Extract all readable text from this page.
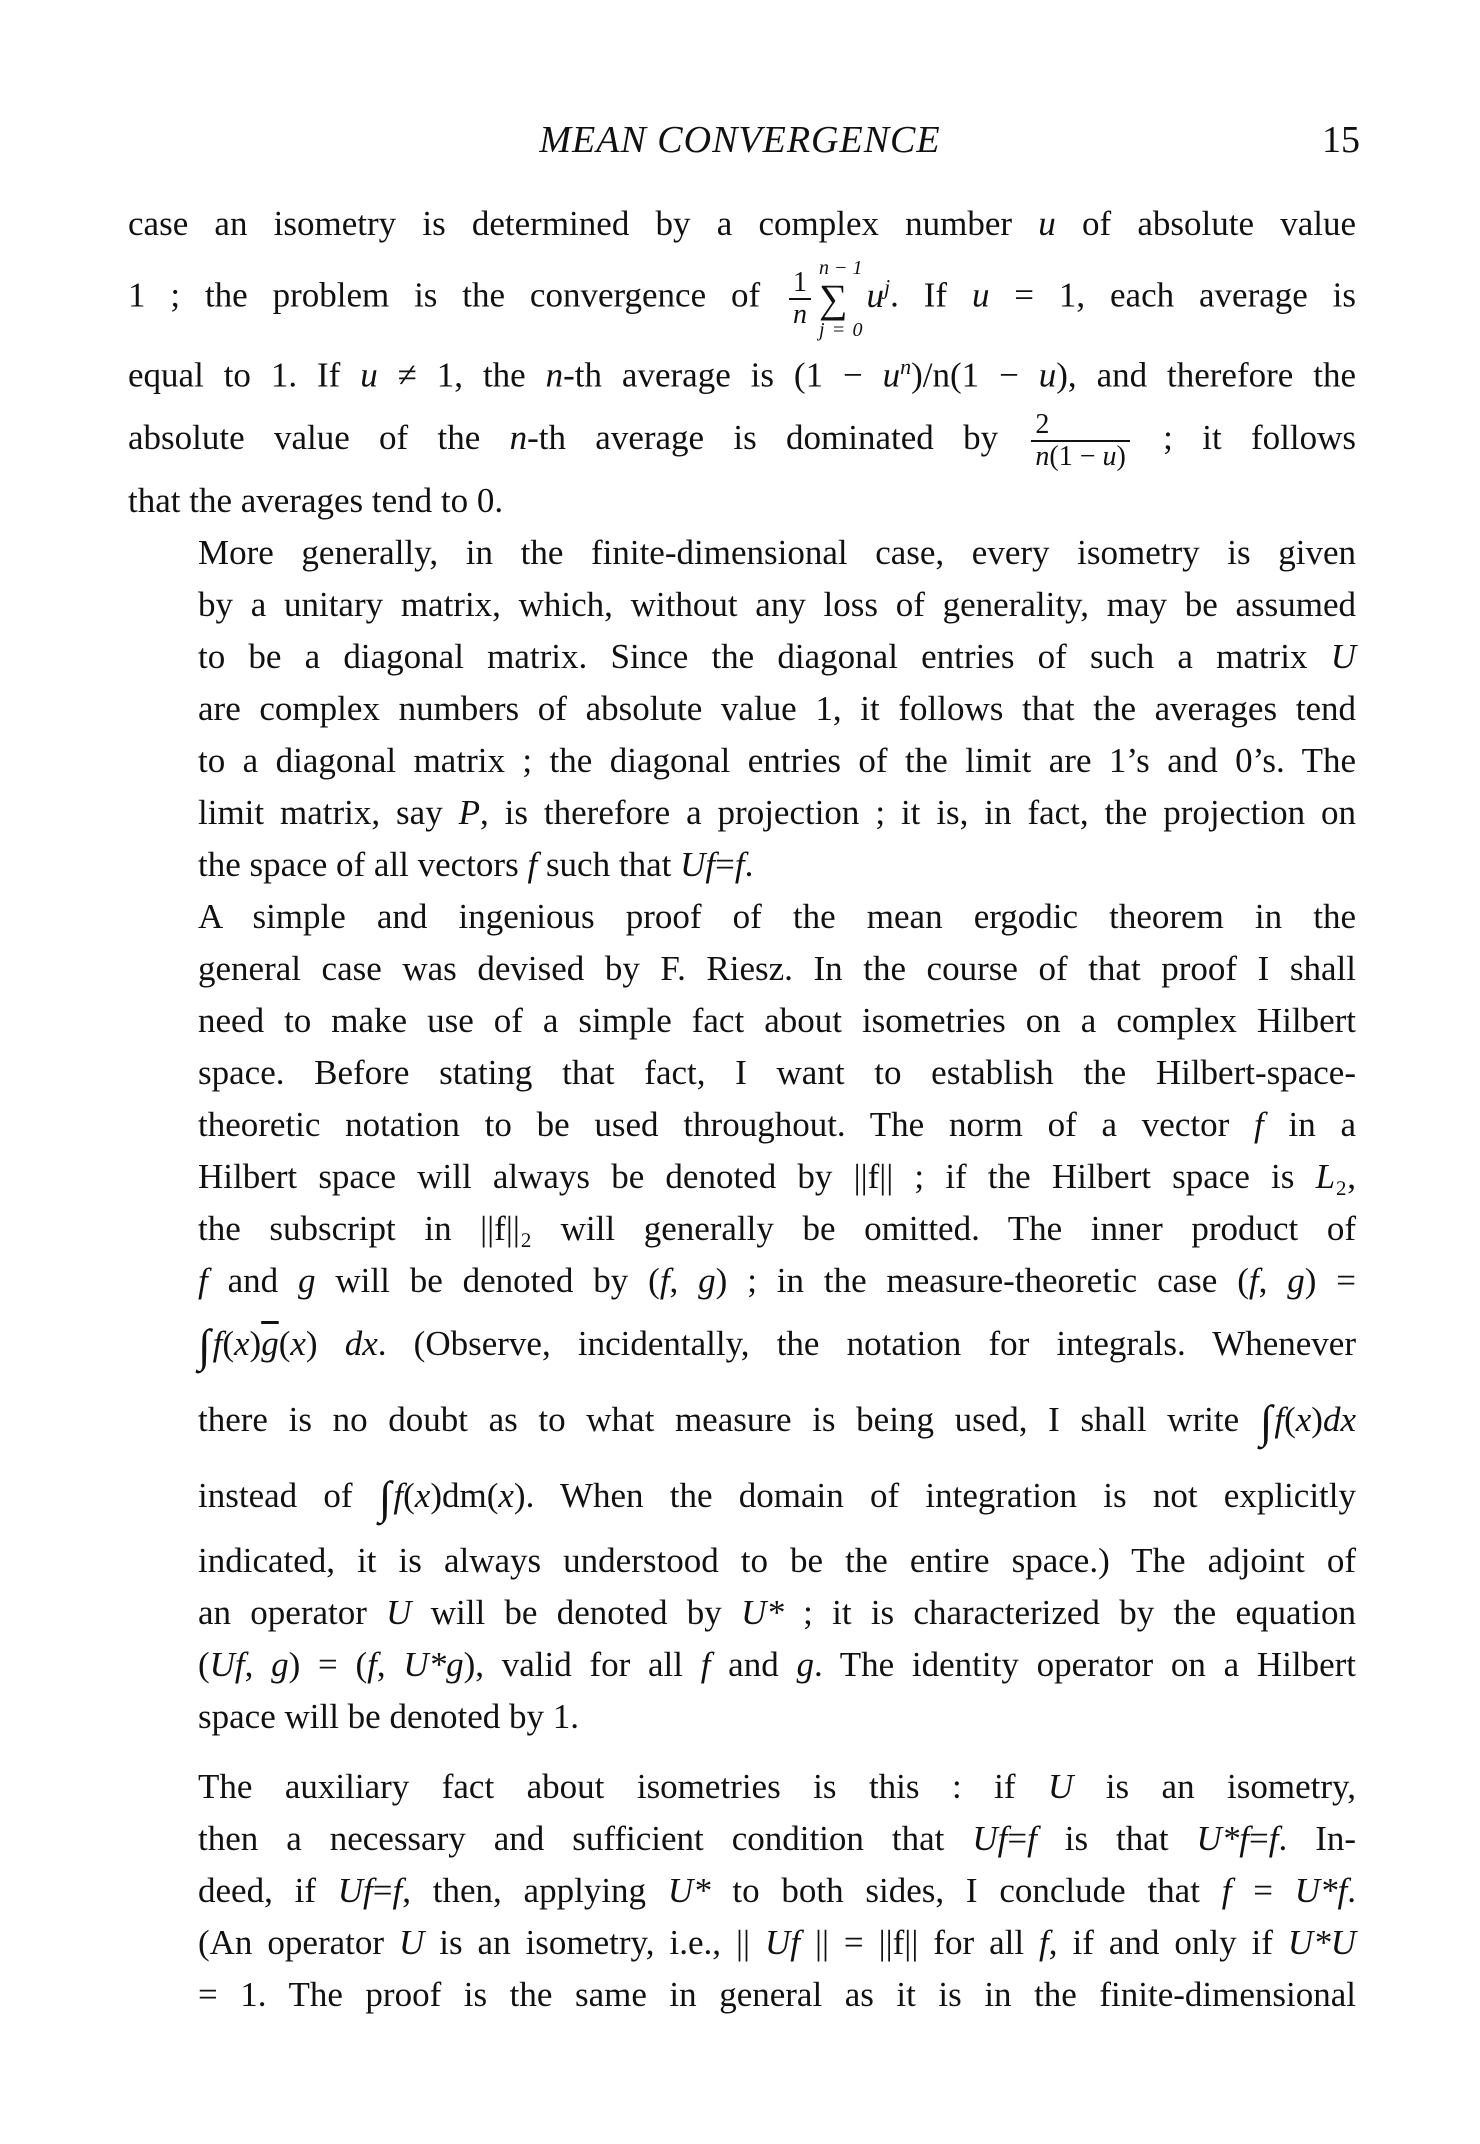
MEAN CONVERGENCE	15

case an isometry is determined by a complex number u of absolute value
1 ; the problem is the convergence of $\frac{1}{n}$ n − 1
∑
j = 0
$u^j$. If u = 1, each average is
equal to 1. If u ≠ 1, the n-th average is $(1 - u^n)/n(1 - u)$, and therefore the
absolute value of the n-th average is dominated by $\frac{2}{n(1 - u)}$ ; it follows
that the averages tend to 0.

More generally, in the finite-dimensional case, every isometry is given
by a unitary matrix, which, without any loss of generality, may be assumed
to be a diagonal matrix. Since the diagonal entries of such a matrix U
are complex numbers of absolute value 1, it follows that the averages tend
to a diagonal matrix ; the diagonal entries of the limit are 1’s and 0’s. The
limit matrix, say P, is therefore a projection ; it is, in fact, the projection on
the space of all vectors f such that Uf=f.

A simple and ingenious proof of the mean ergodic theorem in the
general case was devised by F. Riesz. In the course of that proof I shall
need to make use of a simple fact about isometries on a complex Hilbert
space. Before stating that fact, I want to establish the Hilbert-space-
theoretic notation to be used throughout. The norm of a vector f in a
Hilbert space will always be denoted by ||f|| ; if the Hilbert space is L₂,
the subscript in ||f||₂ will generally be omitted. The inner product of
f and g will be denoted by (f, g) ; in the measure-theoretic case (f, g) =
$\int f(x)\overline{g}(x)$ dx. (Observe, incidentally, the notation for integrals. Whenever
there is no doubt as to what measure is being used, I shall write ∫f(x)dx
instead of ∫f(x)dm(x). When the domain of integration is not explicitly
indicated, it is always understood to be the entire space.) The adjoint of
an operator U will be denoted by U* ; it is characterized by the equation
(Uf, g) = (f, U*g), valid for all f and g. The identity operator on a Hilbert
space will be denoted by 1.

The auxiliary fact about isometries is this : if U is an isometry,
then a necessary and sufficient condition that Uf=f is that U*f=f. In-
deed, if Uf=f, then, applying U* to both sides, I conclude that f = U*f.
(An operator U is an isometry, i.e., || Uf || = ||f|| for all f, if and only if U*U
= 1. The proof is the same in general as it is in the finite-dimensional
